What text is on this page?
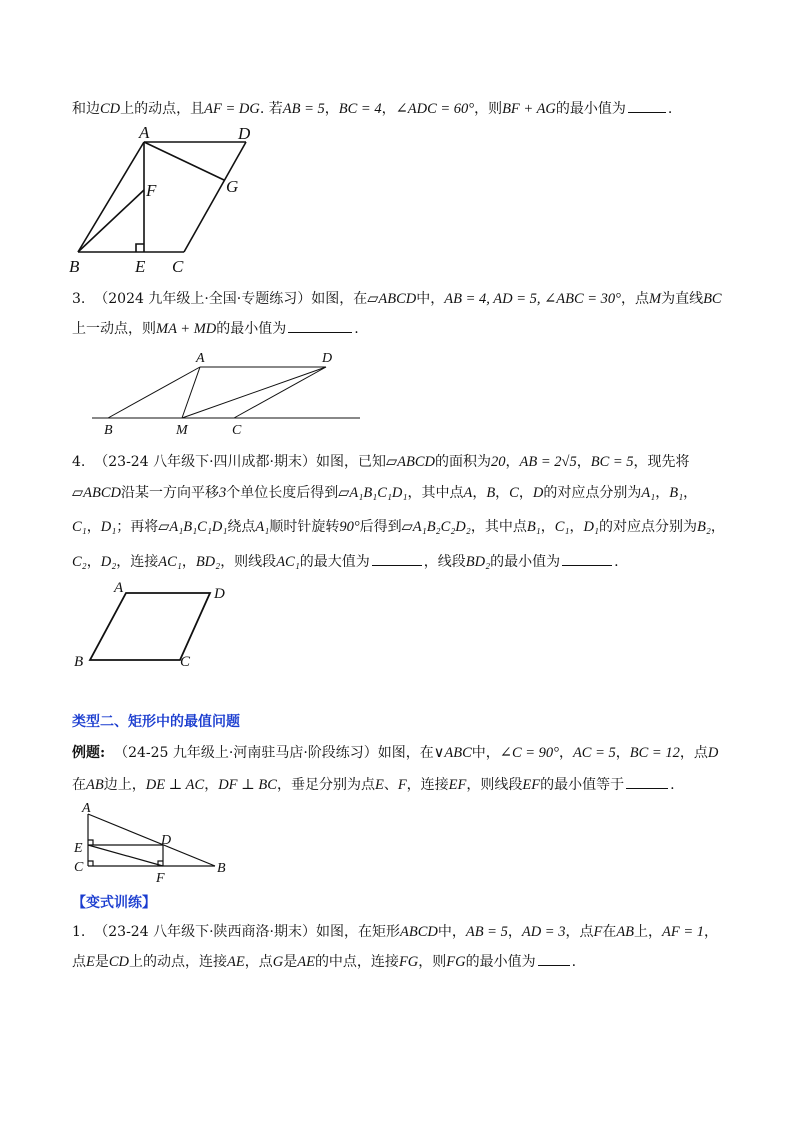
和边CD上的动点，且AF = DG. 若AB = 5，BC = 4，∠ADC = 60°，则BF + AG的最小值为	.
A	D
F	G
B	E C
3. （2024 九年级上·全国·专题练习）如图，在▱ABCD中，AB = 4, AD = 5, ∠ABC = 30°，点M为直线BC
上一动点，则MA + MD的最小值为	.
A	D
B	M	C
4. （23-24 八年级下·四川成都·期末）如图，已知▱ABCD的面积为20，AB = 2√5，BC = 5，现先将
▱ABCD沿某一方向平移3个单位长度后得到▱A₁B₁C₁D₁，其中点A，B，C，D的对应点分别为A₁，B₁，
C₁，D₁；再将▱A₁B₁C₁D₁绕点A₁顺时针旋转90°后得到▱A₁B₂C₂D₂，其中点B₁，C₁，D₁的对应点分别为B₂，
C₂，D₂，连接AC₁，BD₂，则线段AC₁的最大值为	，线段BD₂的最小值为	.
A	D
B	C
类型二、矩形中的最值问题
例题: （24-25 九年级上·河南驻马店·阶段练习）如图，在∨ABC中，∠C = 90°，AC = 5，BC = 12，点D
在AB边上，DE ⊥ AC，DF ⊥ BC，垂足分别为点E、F，连接EF，则线段EF的最小值等于	.
A
D
E
C
F
B
【变式训练】
1. （23-24 八年级下·陕西商洛·期末）如图，在矩形ABCD中，AB = 5，AD = 3，点F在AB上，AF = 1，
点E是CD上的动点，连接AE，点G是AE的中点，连接FG，则FG的最小值为	.
